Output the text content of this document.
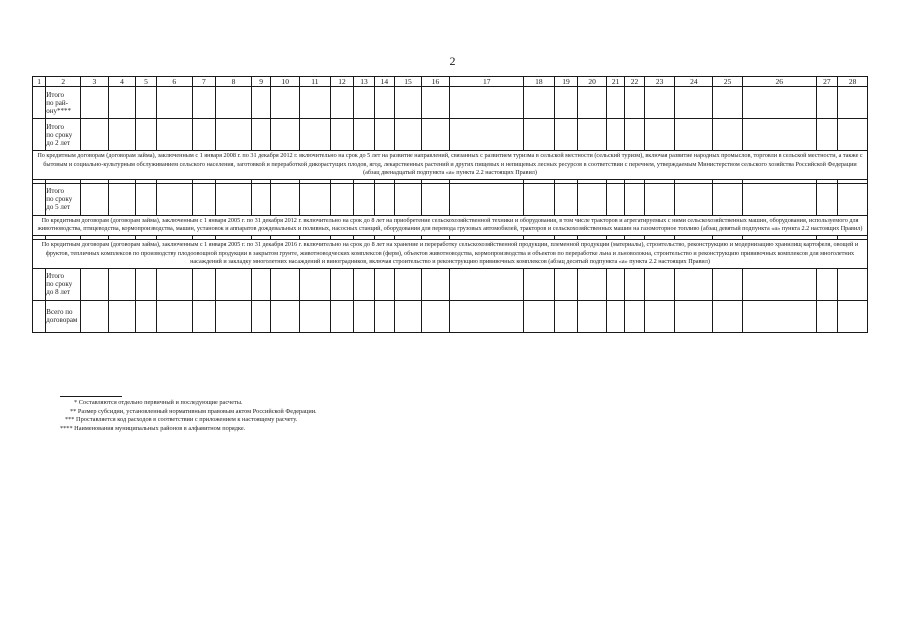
2
1	2	3	4	5	6	7	8	9	10	11	12	13	14	15	16	17	18	19	20	21	22	23	24	25	26	27	28

	Итого
по рай-
ону****																										

	Итого
по сроку
до 2 лет																										

По кредитным договорам (договорам займа), заключенным с 1 января 2008 г. по 31 декабря 2012 г. включительно на срок до 5 лет на развитие направлений, связанных с развитием туризма в сельской местности (сельский туризм), включая развитие народных промыслов, торговли в сельской местности, а также с бытовым и социально-культурным обслуживанием сельского населения, заготовкой и переработкой дикорастущих плодов, ягод, лекарственных растений и других пищевых и непищевых лесных ресурсов в соответствии с перечнем, утверждаемым Министерством сельского хозяйства Российской Федерации (абзац двенадцатый подпункта «а» пункта 2.2 настоящих Правил)																											

	Итого
по сроку
до 5 лет																										

По кредитным договорам (договорам займа), заключенным с 1 января 2005 г. по 31 декабря 2012 г. включительно на срок до 8 лет на приобретение сельскохозяйственной техники и оборудования, в том числе тракторов и агрегатируемых с ними сельскохозяйственных машин, оборудования, используемого для животноводства, птицеводства, кормопроизводства, машин, установок и аппаратов дождевальных и поливных, насосных станций, оборудования для перевода грузовых автомобилей, тракторов и сельскохозяйственных машин на газомоторное топливо (абзац девятый подпункта «а» пункта 2.2 настоящих Правил)																											

По кредитным договорам (договорам займа), заключенным с 1 января 2005 г. по 31 декабря 2016 г. включительно на срок до 8 лет на хранение и переработку сельскохозяйственной продукции, племенной продукции (материалы), строительство, реконструкцию и модернизацию хранилищ картофеля, овощей и фруктов, тепличных комплексов по производству плодоовощной продукции в закрытом грунте, животноводческих комплексов (ферм), объектов животноводства, кормопроизводства и объектов по переработке льна и льноволокна, строительство и реконструкцию прививочных комплексов для многолетних насаждений и закладку многолетних насаждений и виноградников, включая строительство и реконструкцию прививочных комплексов (абзац десятый подпункта «а» пункта 2.2 настоящих Правил)																											

	Итого
по сроку
до 8 лет																										

	Всего по
договорам																										

* Составляются отдельно первичный и последующие расчеты.
** Размер субсидии, установленный нормативным правовым актом Российской Федерации.
*** Проставляется код расходов в соответствии с приложением к настоящему расчету.
**** Наименования муниципальных районов в алфавитном порядке.
